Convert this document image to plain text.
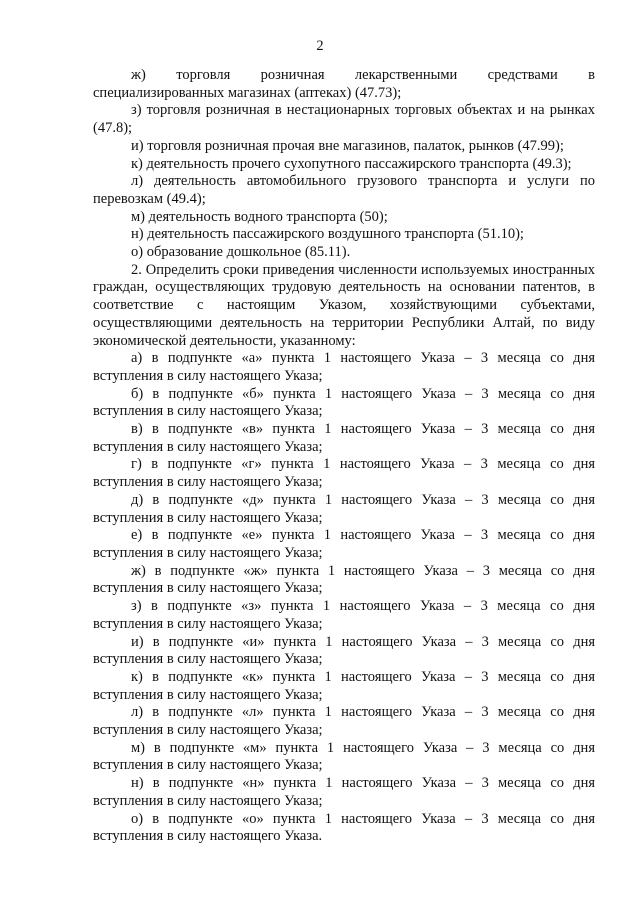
2

ж) торговля розничная лекарственными средствами в специализированных магазинах (аптеках) (47.73);

з) торговля розничная в нестационарных торговых объектах и на рынках (47.8);

и) торговля розничная прочая вне магазинов, палаток, рынков (47.99);

к) деятельность прочего сухопутного пассажирского транспорта (49.3);

л) деятельность автомобильного грузового транспорта и услуги по перевозкам (49.4);

м) деятельность водного транспорта (50);

н) деятельность пассажирского воздушного транспорта (51.10);

о) образование дошкольное (85.11).

2. Определить сроки приведения численности используемых иностранных граждан, осуществляющих трудовую деятельность на основании патентов, в соответствие с настоящим Указом, хозяйствующими субъектами, осуществляющими деятельность на территории Республики Алтай, по виду экономической деятельности, указанному:

а) в подпункте «а» пункта 1 настоящего Указа – 3 месяца со дня вступления в силу настоящего Указа;

б) в подпункте «б» пункта 1 настоящего Указа – 3 месяца со дня вступления в силу настоящего Указа;

в) в подпункте «в» пункта 1 настоящего Указа – 3 месяца со дня вступления в силу настоящего Указа;

г) в подпункте «г» пункта 1 настоящего Указа – 3 месяца со дня вступления в силу настоящего Указа;

д) в подпункте «д» пункта 1 настоящего Указа – 3 месяца со дня вступления в силу настоящего Указа;

е) в подпункте «е» пункта 1 настоящего Указа – 3 месяца со дня вступления в силу настоящего Указа;

ж) в подпункте «ж» пункта 1 настоящего Указа – 3 месяца со дня вступления в силу настоящего Указа;

з) в подпункте «з» пункта 1 настоящего Указа – 3 месяца со дня вступления в силу настоящего Указа;

и) в подпункте «и» пункта 1 настоящего Указа – 3 месяца со дня вступления в силу настоящего Указа;

к) в подпункте «к» пункта 1 настоящего Указа – 3 месяца со дня вступления в силу настоящего Указа;

л) в подпункте «л» пункта 1 настоящего Указа – 3 месяца со дня вступления в силу настоящего Указа;

м) в подпункте «м» пункта 1 настоящего Указа – 3 месяца со дня вступления в силу настоящего Указа;

н) в подпункте «н» пункта 1 настоящего Указа – 3 месяца со дня вступления в силу настоящего Указа;

о) в подпункте «о» пункта 1 настоящего Указа – 3 месяца со дня вступления в силу настоящего Указа.
